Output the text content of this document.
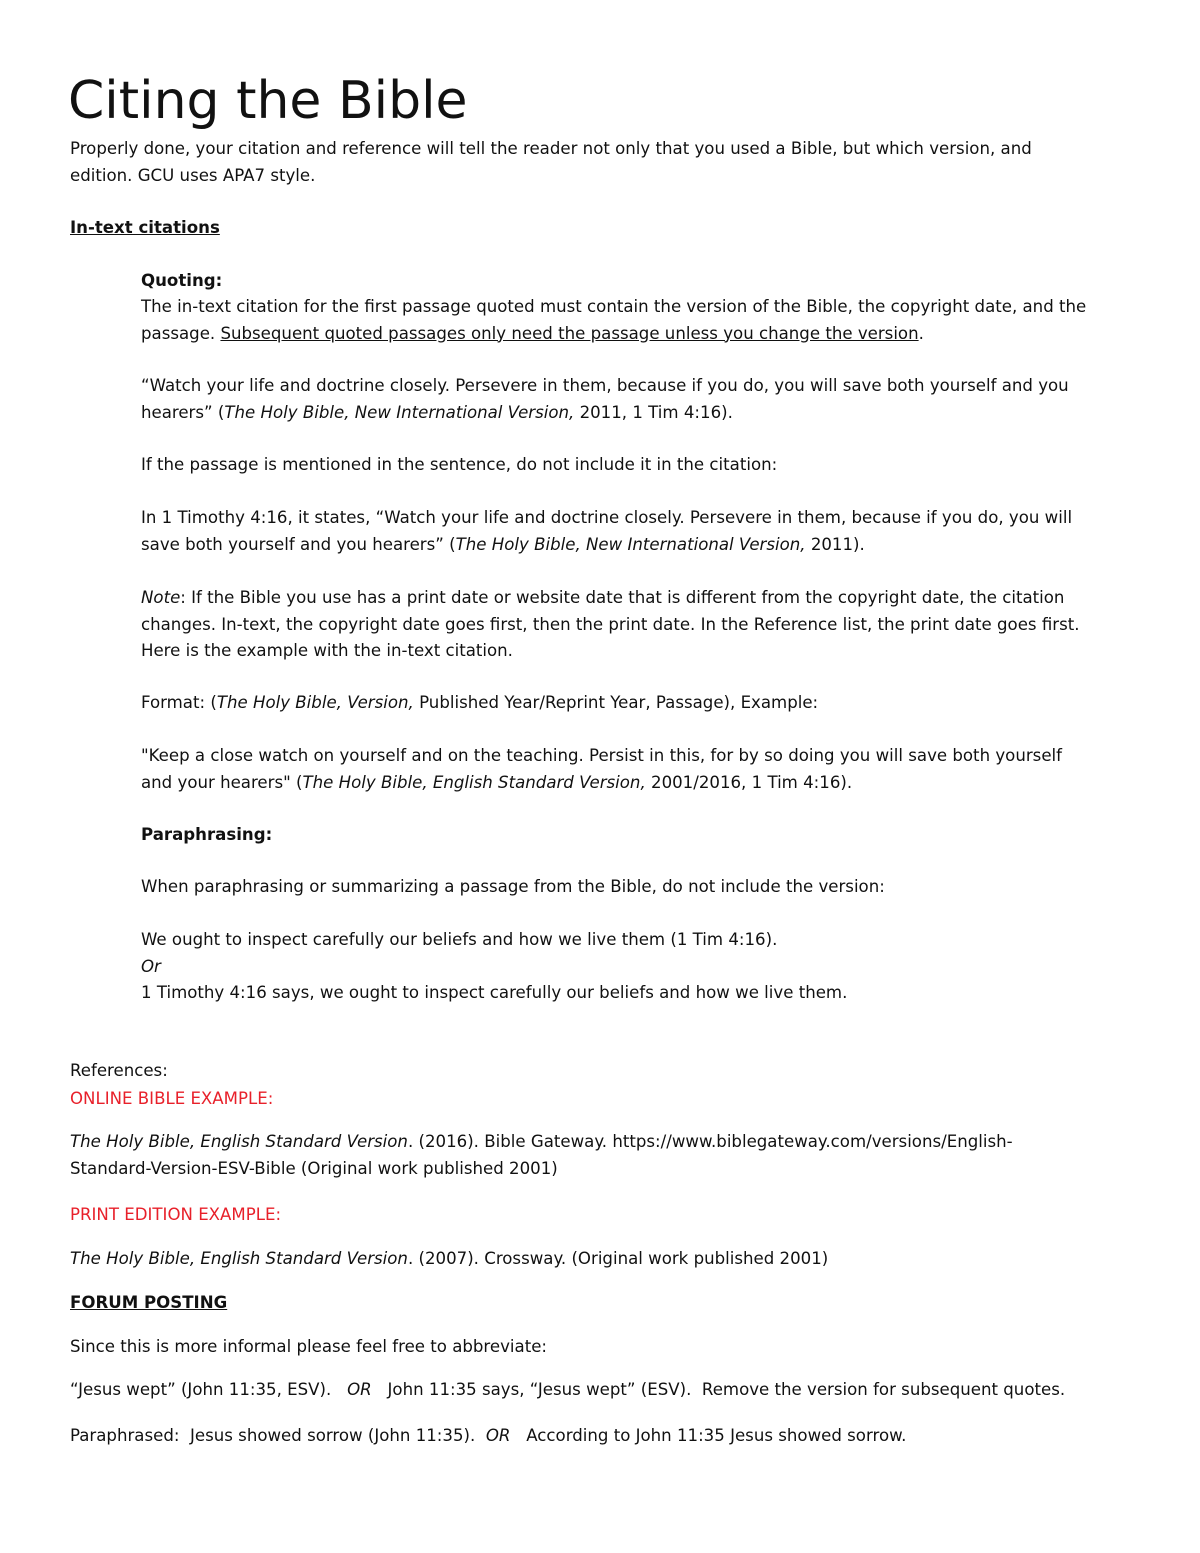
Citing the Bible

Properly done, your citation and reference will tell the reader not only that you used a Bible, but which version, and
edition. GCU uses APA7 style.

In-text citations

Quoting:

The in-text citation for the first passage quoted must contain the version of the Bible, the copyright date, and the
passage. Subsequent quoted passages only need the passage unless you change the version.

“Watch your life and doctrine closely. Persevere in them, because if you do, you will save both yourself and you
hearers” (The Holy Bible, New International Version, 2011, 1 Tim 4:16).

If the passage is mentioned in the sentence, do not include it in the citation:

In 1 Timothy 4:16, it states, “Watch your life and doctrine closely. Persevere in them, because if you do, you will
save both yourself and you hearers” (The Holy Bible, New International Version, 2011).

Note: If the Bible you use has a print date or website date that is different from the copyright date, the citation
changes. In-text, the copyright date goes first, then the print date. In the Reference list, the print date goes first.
Here is the example with the in-text citation.

Format: (The Holy Bible, Version, Published Year/Reprint Year, Passage), Example:

"Keep a close watch on yourself and on the teaching. Persist in this, for by so doing you will save both yourself
and your hearers" (The Holy Bible, English Standard Version, 2001/2016, 1 Tim 4:16).

Paraphrasing:

When paraphrasing or summarizing a passage from the Bible, do not include the version:

We ought to inspect carefully our beliefs and how we live them (1 Tim 4:16).
Or
1 Timothy 4:16 says, we ought to inspect carefully our beliefs and how we live them.

References:

ONLINE BIBLE EXAMPLE:

The Holy Bible, English Standard Version. (2016). Bible Gateway. https://www.biblegateway.com/versions/English-
Standard-Version-ESV-Bible (Original work published 2001)

PRINT EDITION EXAMPLE:

The Holy Bible, English Standard Version. (2007). Crossway. (Original work published 2001)

FORUM POSTING

Since this is more informal please feel free to abbreviate:

“Jesus wept” (John 11:35, ESV).   OR   John 11:35 says, “Jesus wept” (ESV).  Remove the version for subsequent quotes.

Paraphrased:  Jesus showed sorrow (John 11:35).  OR   According to John 11:35 Jesus showed sorrow.
